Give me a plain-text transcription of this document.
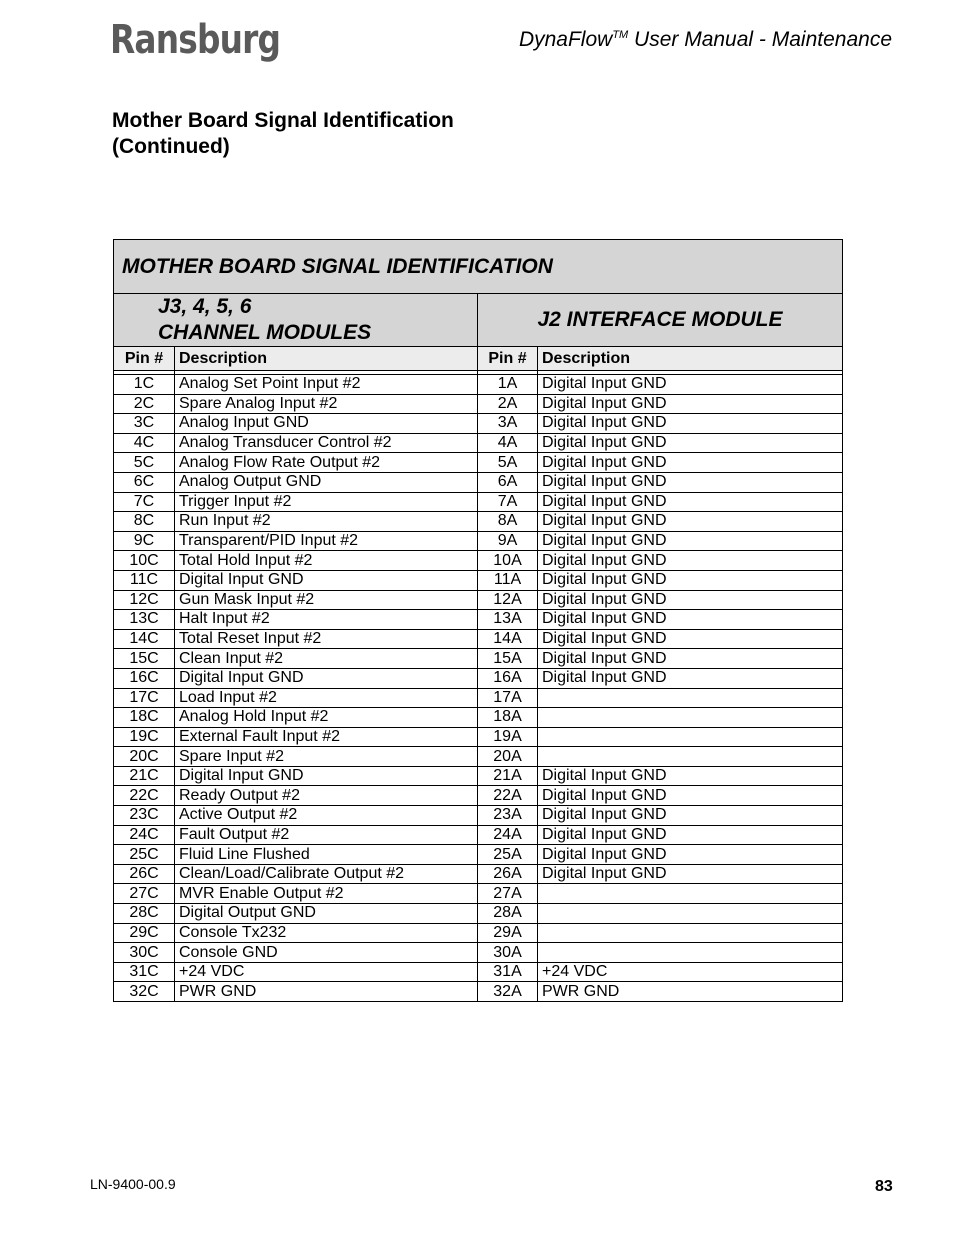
Ransburg	DynaFlow™ User Manual - Maintenance
Mother Board Signal Identification
(Continued)
MOTHER BOARD SIGNAL IDENTIFICATION			

J3, 4, 5, 6
CHANNEL MODULES		J2 INTERFACE MODULE	
Pin #	Description	Pin #	Description

1C	Analog Set Point Input #2	1A	Digital Input GND
2C	Spare Analog Input #2	2A	Digital Input GND
3C	Analog Input GND	3A	Digital Input GND
4C	Analog Transducer Control #2	4A	Digital Input GND
5C	Analog Flow Rate Output #2	5A	Digital Input GND
6C	Analog Output GND	6A	Digital Input GND
7C	Trigger Input #2	7A	Digital Input GND
8C	Run Input #2	8A	Digital Input GND
9C	Transparent/PID Input #2	9A	Digital Input GND
10C	Total Hold Input #2	10A	Digital Input GND
11C	Digital Input GND	11A	Digital Input GND
12C	Gun Mask Input #2	12A	Digital Input GND
13C	Halt Input #2	13A	Digital Input GND
14C	Total Reset Input #2	14A	Digital Input GND
15C	Clean Input #2	15A	Digital Input GND
16C	Digital Input GND	16A	Digital Input GND
17C	Load Input #2	17A	
18C	Analog Hold Input #2	18A	
19C	External Fault Input #2	19A	
20C	Spare Input #2	20A	
21C	Digital Input GND	21A	Digital Input GND
22C	Ready Output #2	22A	Digital Input GND
23C	Active Output #2	23A	Digital Input GND
24C	Fault Output #2	24A	Digital Input GND
25C	Fluid Line Flushed	25A	Digital Input GND
26C	Clean/Load/Calibrate Output #2	26A	Digital Input GND
27C	MVR Enable Output #2	27A	
28C	Digital Output GND	28A	
29C	Console Tx232	29A	
30C	Console GND	30A	
31C	+24 VDC	31A	+24 VDC
32C	PWR GND	32A	PWR GND
LN-9400-00.9	83
